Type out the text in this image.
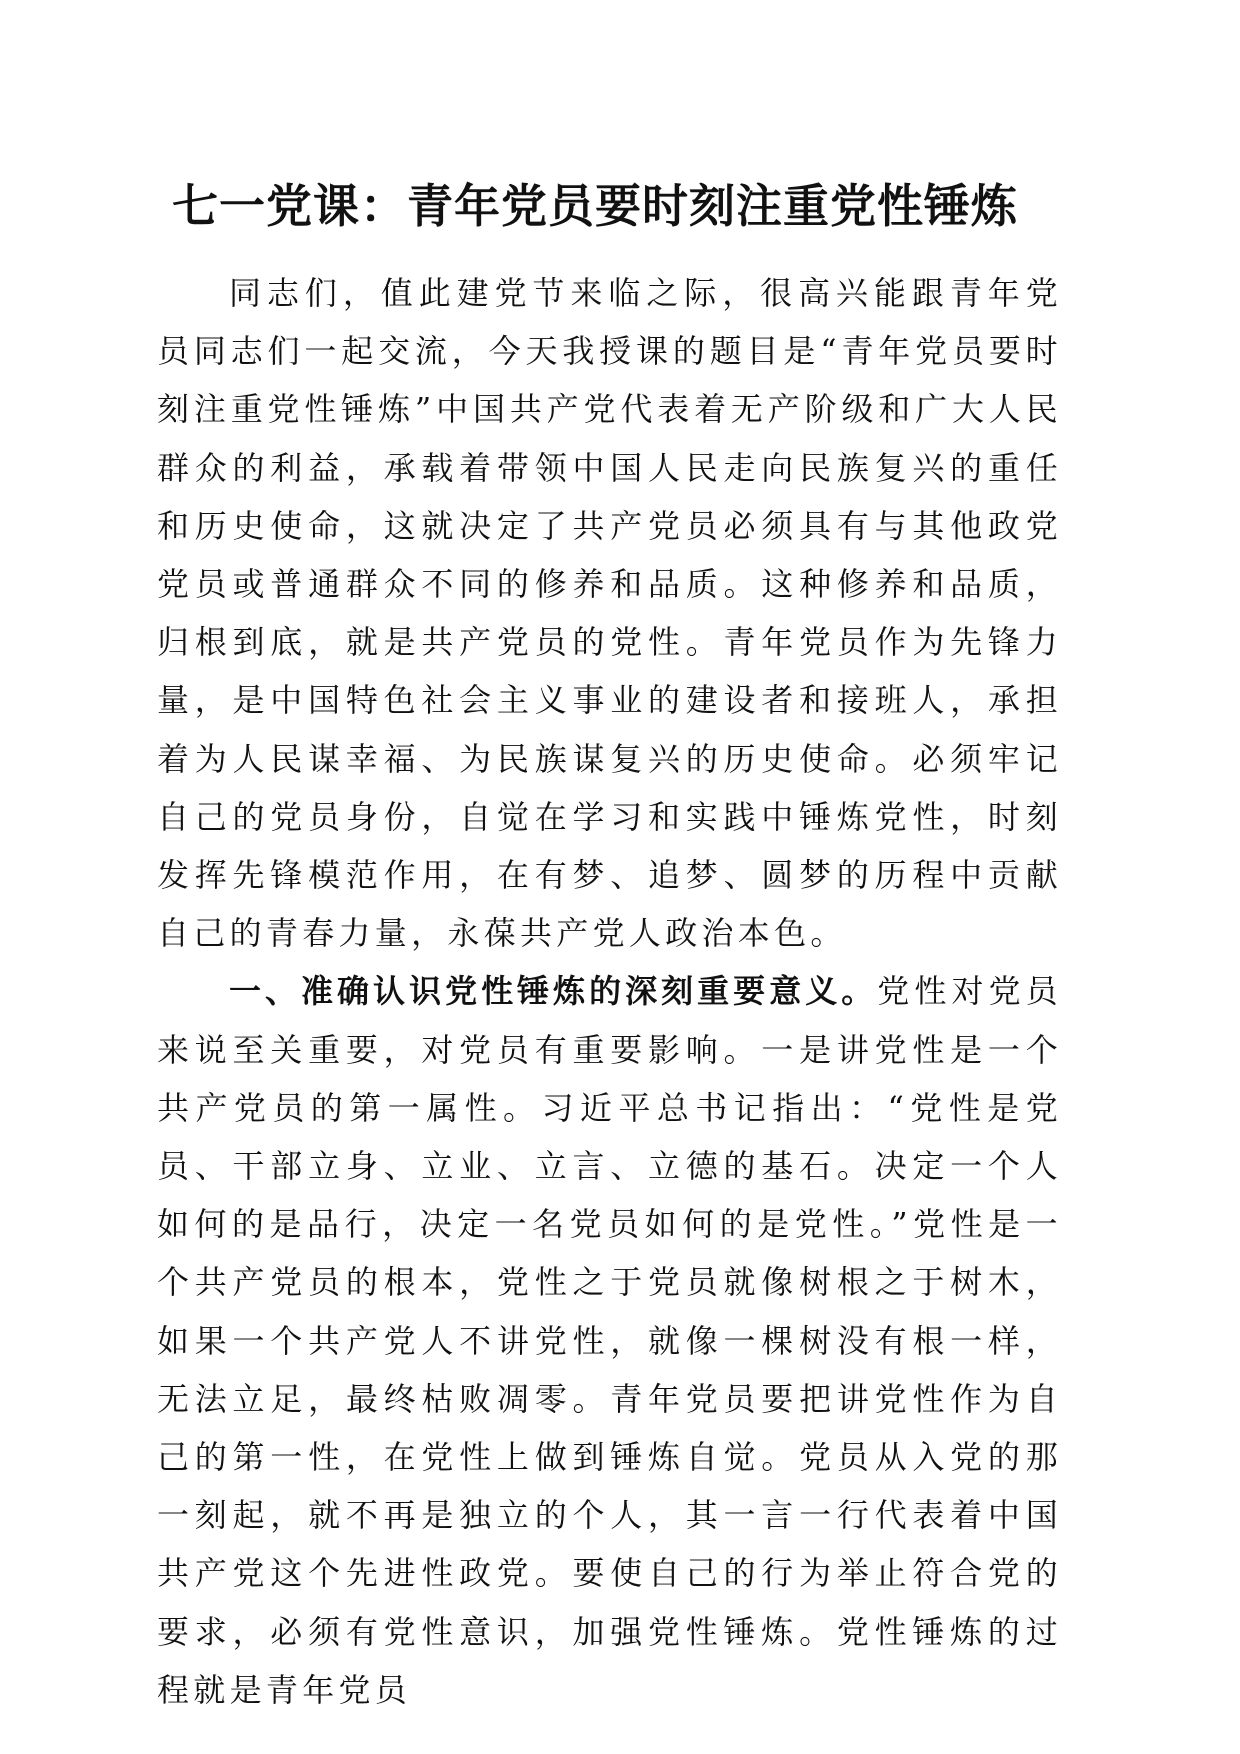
七一党课：青年党员要时刻注重党性锤炼

同志们，值此建党节来临之际，很高兴能跟青年党员同志们一起交流，今天我授课的题目是“青年党员要时刻注重党性锤炼”中国共产党代表着无产阶级和广大人民群众的利益，承载着带领中国人民走向民族复兴的重任和历史使命，这就决定了共产党员必须具有与其他政党党员或普通群众不同的修养和品质。这种修养和品质，归根到底，就是共产党员的党性。青年党员作为先锋力量，是中国特色社会主义事业的建设者和接班人，承担着为人民谋幸福、为民族谋复兴的历史使命。必须牢记自己的党员身份，自觉在学习和实践中锤炼党性，时刻发挥先锋模范作用，在有梦、追梦、圆梦的历程中贡献自己的青春力量，永葆共产党人政治本色。

一、准确认识党性锤炼的深刻重要意义。党性对党员来说至关重要，对党员有重要影响。一是讲党性是一个共产党员的第一属性。习近平总书记指出：“党性是党员、干部立身、立业、立言、立德的基石。决定一个人如何的是品行，决定一名党员如何的是党性。”党性是一个共产党员的根本，党性之于党员就像树根之于树木，如果一个共产党人不讲党性，就像一棵树没有根一样，无法立足，最终枯败凋零。青年党员要把讲党性作为自己的第一性，在党性上做到锤炼自觉。党员从入党的那一刻起，就不再是独立的个人，其一言一行代表着中国共产党这个先进性政党。要使自己的行为举止符合党的要求，必须有党性意识，加强党性锤炼。党性锤炼的过程就是青年党员
